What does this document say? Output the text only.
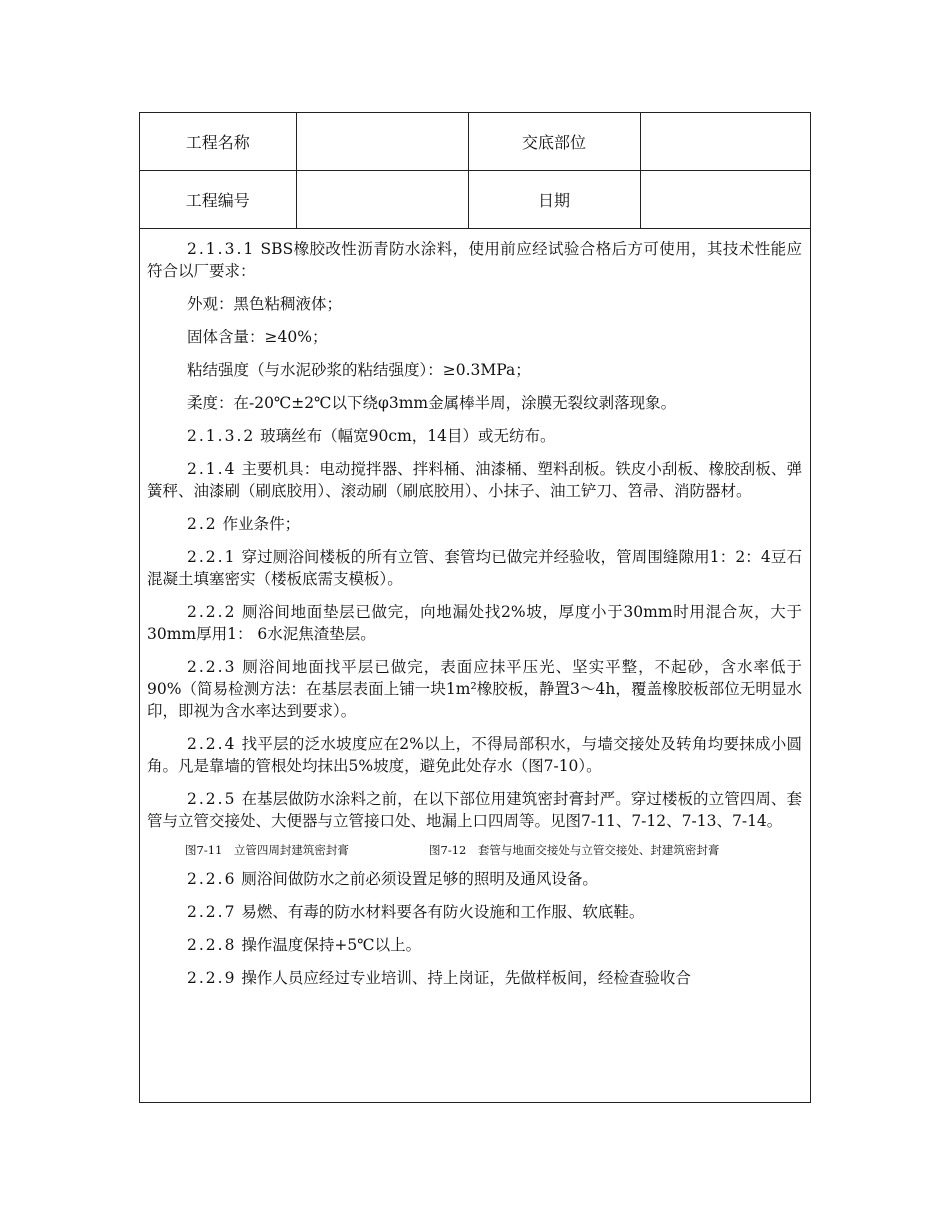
工程名称		交底部位	
工程编号		日期	

2.1.3.1 SBS橡胶改性沥青防水涂料，使用前应经试验合格后方可使用，其技术性能应符合以厂要求：

外观：黑色粘稠液体；

固体含量：≥40%；

粘结强度（与水泥砂浆的粘结强度）：≥0.3MPa；

柔度：在-20℃±2℃以下绕φ3mm金属棒半周，涂膜无裂纹剥落现象。

2.1.3.2 玻璃丝布（幅宽90cm，14目）或无纺布。

2.1.4 主要机具：电动搅拌器、拌料桶、油漆桶、塑料刮板。铁皮小刮板、橡胶刮板、弹簧秤、油漆刷（刷底胶用）、滚动刷（刷底胶用）、小抹子、油工铲刀、笤帚、消防器材。

2.2 作业条件；

2.2.1 穿过厕浴间楼板的所有立管、套管均已做完并经验收，管周围缝隙用1：2：4豆石混凝土填塞密实（楼板底需支模板）。

2.2.2 厕浴间地面垫层已做完，向地漏处找2%坡，厚度小于30mm时用混合灰，大于30mm厚用1： 6水泥焦渣垫层。

2.2.3 厕浴间地面找平层已做完，表面应抹平压光、坚实平整，不起砂，含水率低于90%（简易检测方法：在基层表面上铺一块1m²橡胶板，静置3～4h，覆盖橡胶板部位无明显水印，即视为含水率达到要求）。

2.2.4 找平层的泛水坡度应在2%以上，不得局部积水，与墙交接处及转角均要抹成小圆角。凡是靠墙的管根处均抹出5%坡度，避免此处存水（图7-10）。

2.2.5 在基层做防水涂料之前，在以下部位用建筑密封膏封严。穿过楼板的立管四周、套管与立管交接处、大便器与立管接口处、地漏上口四周等。见图7-11、7-12、7-13、7-14。

图7-11　立管四周封建筑密封膏	图7-12　套管与地面交接处与立管交接处、封建筑密封膏

2.2.6 厕浴间做防水之前必须设置足够的照明及通风设备。

2.2.7 易燃、有毒的防水材料要各有防火设施和工作服、软底鞋。

2.2.8 操作温度保持+5℃以上。

2.2.9 操作人员应经过专业培训、持上岗证，先做样板间，经检查验收合
